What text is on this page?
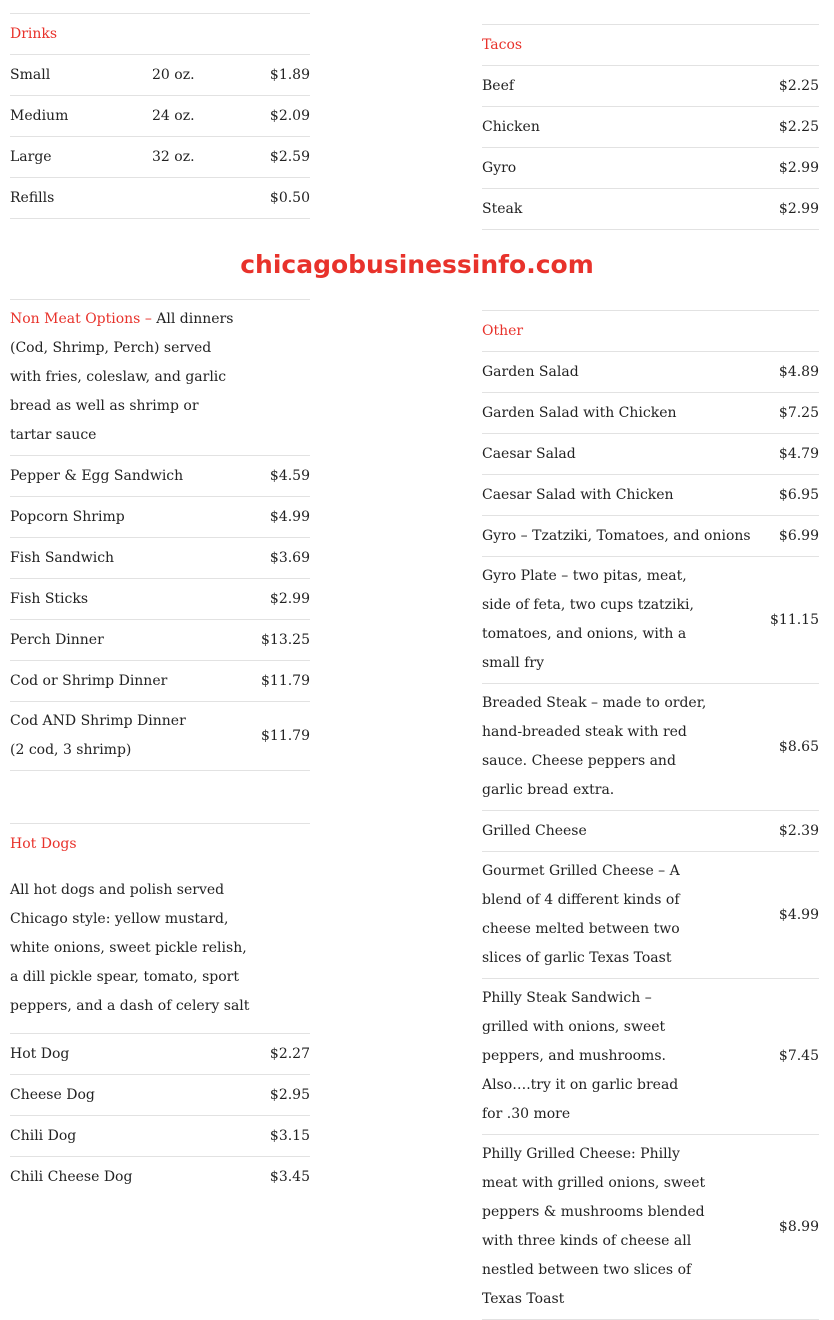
Drinks		
Small	20 oz.	$1.89
Medium	24 oz.	$2.09
Large	32 oz.	$2.59
Refills		$0.50
Tacos	
Beef	$2.25
Chicken	$2.25
Gyro	$2.99
Steak	$2.99
chicagobusinessinfo.com
Non Meat Options – All dinners (Cod, Shrimp, Perch) served with fries, coleslaw, and garlic bread as well as shrimp or tartar sauce	
Pepper & Egg Sandwich	$4.59
Popcorn Shrimp	$4.99
Fish Sandwich	$3.69
Fish Sticks	$2.99
Perch Dinner	$13.25
Cod or Shrimp Dinner	$11.79
Cod AND Shrimp Dinner (2 cod, 3 shrimp)	$11.79
Other	
Garden Salad	$4.89
Garden Salad with Chicken	$7.25
Caesar Salad	$4.79
Caesar Salad with Chicken	$6.95
Gyro – Tzatziki, Tomatoes, and onions	$6.99
Gyro Plate – two pitas, meat, side of feta, two cups tzatziki, tomatoes, and onions, with a small fry	$11.15
Breaded Steak – made to order, hand-breaded steak with red sauce. Cheese peppers and garlic bread extra.	$8.65
Grilled Cheese	$2.39
Gourmet Grilled Cheese – A blend of 4 different kinds of cheese melted between two slices of garlic Texas Toast	$4.99
Philly Steak Sandwich – grilled with onions, sweet peppers, and mushrooms. Also….try it on garlic bread for .30 more	$7.45
Philly Grilled Cheese: Philly meat with grilled onions, sweet peppers & mushrooms blended with three kinds of cheese all nestled between two slices of Texas Toast	$8.99
Hot Dogs	

All hot dogs and polish served Chicago style: yellow mustard, white onions, sweet pickle relish, a dill pickle spear, tomato, sport peppers, and a dash of celery salt	

Hot Dog	$2.27
Cheese Dog	$2.95
Chili Dog	$3.15
Chili Cheese Dog	$3.45
